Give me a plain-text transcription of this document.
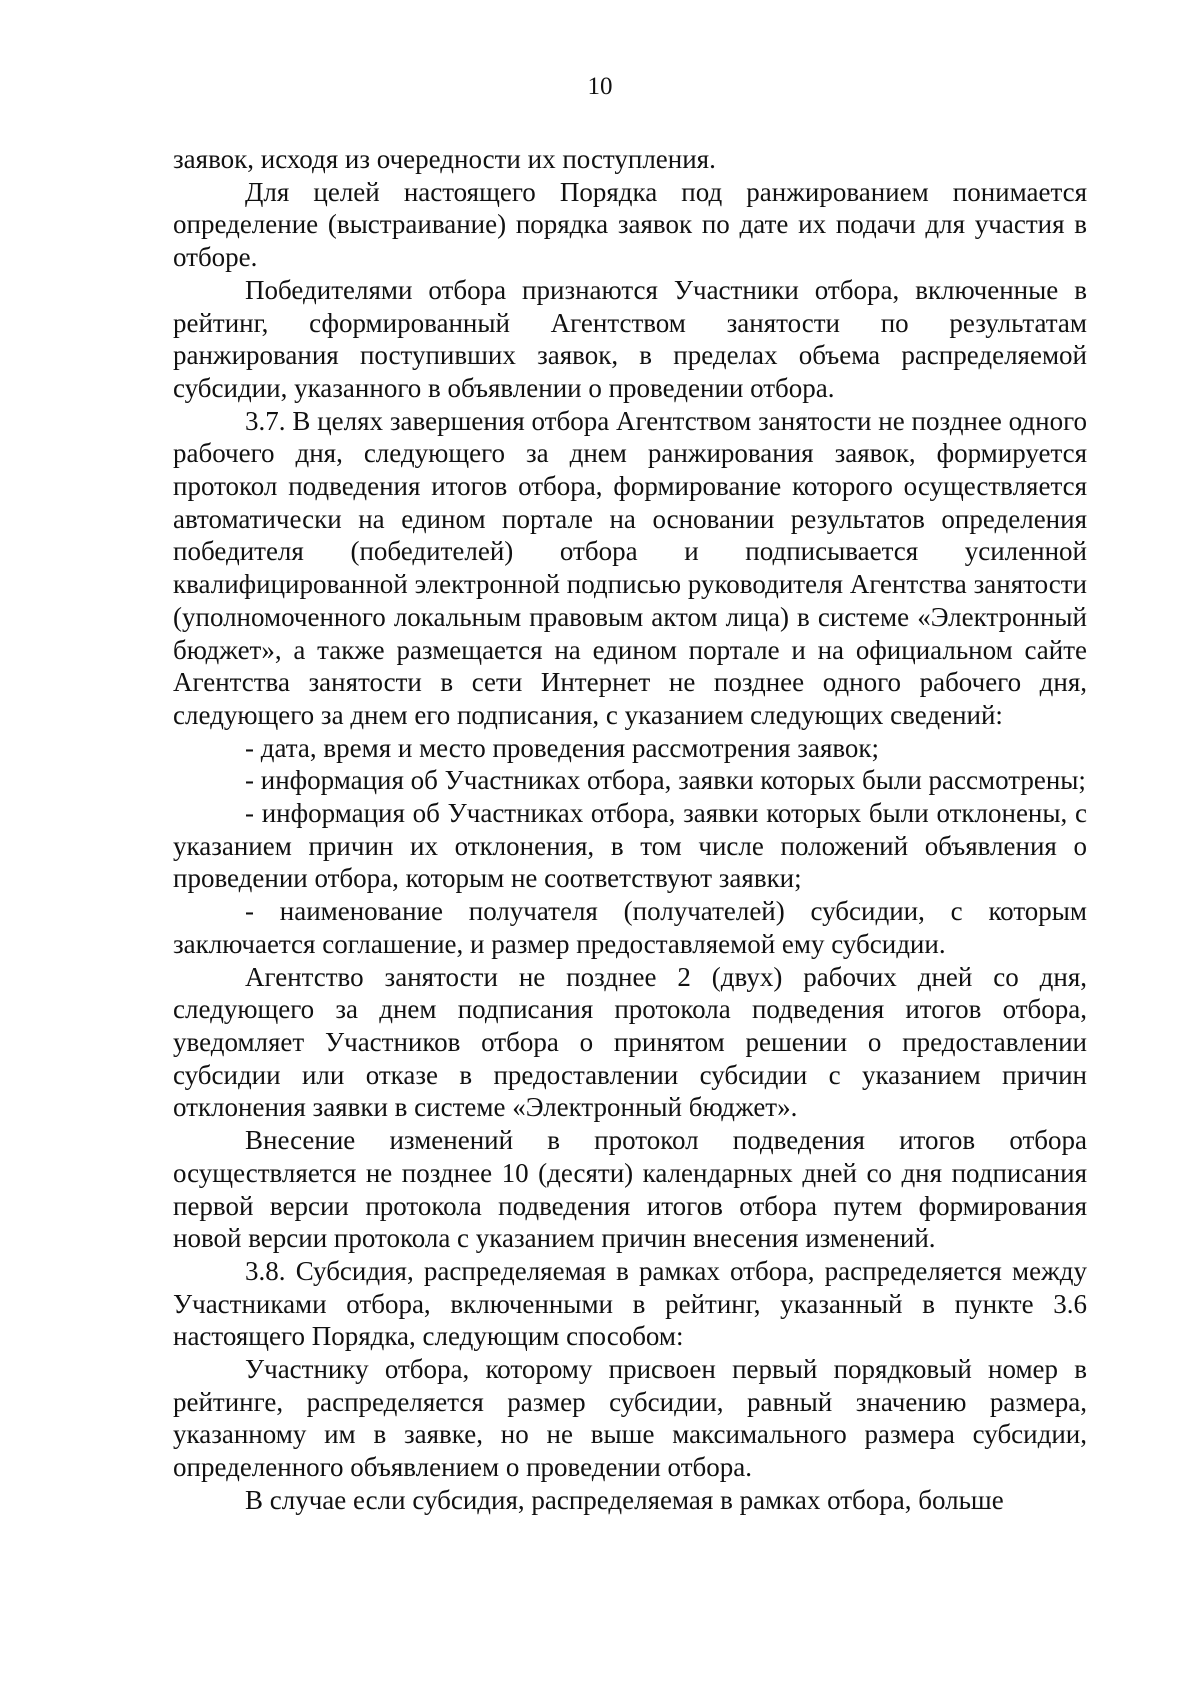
10

заявок, исходя из очередности их поступления.

Для целей настоящего Порядка под ранжированием понимается определение (выстраивание) порядка заявок по дате их подачи для участия в отборе.

Победителями отбора признаются Участники отбора, включенные в рейтинг, сформированный Агентством занятости по результатам ранжирования поступивших заявок, в пределах объема распределяемой субсидии, указанного в объявлении о проведении отбора.

3.7. В целях завершения отбора Агентством занятости не позднее одного рабочего дня, следующего за днем ранжирования заявок, формируется протокол подведения итогов отбора, формирование которого осуществляется автоматически на едином портале на основании результатов определения победителя (победителей) отбора и подписывается усиленной квалифицированной электронной подписью руководителя Агентства занятости (уполномоченного локальным правовым актом лица) в системе «Электронный бюджет», а также размещается на едином портале и на официальном сайте Агентства занятости в сети Интернет не позднее одного рабочего дня, следующего за днем его подписания, с указанием следующих сведений:

- дата, время и место проведения рассмотрения заявок;

- информация об Участниках отбора, заявки которых были рассмотрены;

- информация об Участниках отбора, заявки которых были отклонены, с указанием причин их отклонения, в том числе положений объявления о проведении отбора, которым не соответствуют заявки;

- наименование получателя (получателей) субсидии, с которым заключается соглашение, и размер предоставляемой ему субсидии.

Агентство занятости не позднее 2 (двух) рабочих дней со дня, следующего за днем подписания протокола подведения итогов отбора, уведомляет Участников отбора о принятом решении о предоставлении субсидии или отказе в предоставлении субсидии с указанием причин отклонения заявки в системе «Электронный бюджет».

Внесение изменений в протокол подведения итогов отбора осуществляется не позднее 10 (десяти) календарных дней со дня подписания первой версии протокола подведения итогов отбора путем формирования новой версии протокола с указанием причин внесения изменений.

3.8. Субсидия, распределяемая в рамках отбора, распределяется между Участниками отбора, включенными в рейтинг, указанный в пункте 3.6 настоящего Порядка, следующим способом:

Участнику отбора, которому присвоен первый порядковый номер в рейтинге, распределяется размер субсидии, равный значению размера, указанному им в заявке, но не выше максимального размера субсидии, определенного объявлением о проведении отбора.

В случае если субсидия, распределяемая в рамках отбора, больше
